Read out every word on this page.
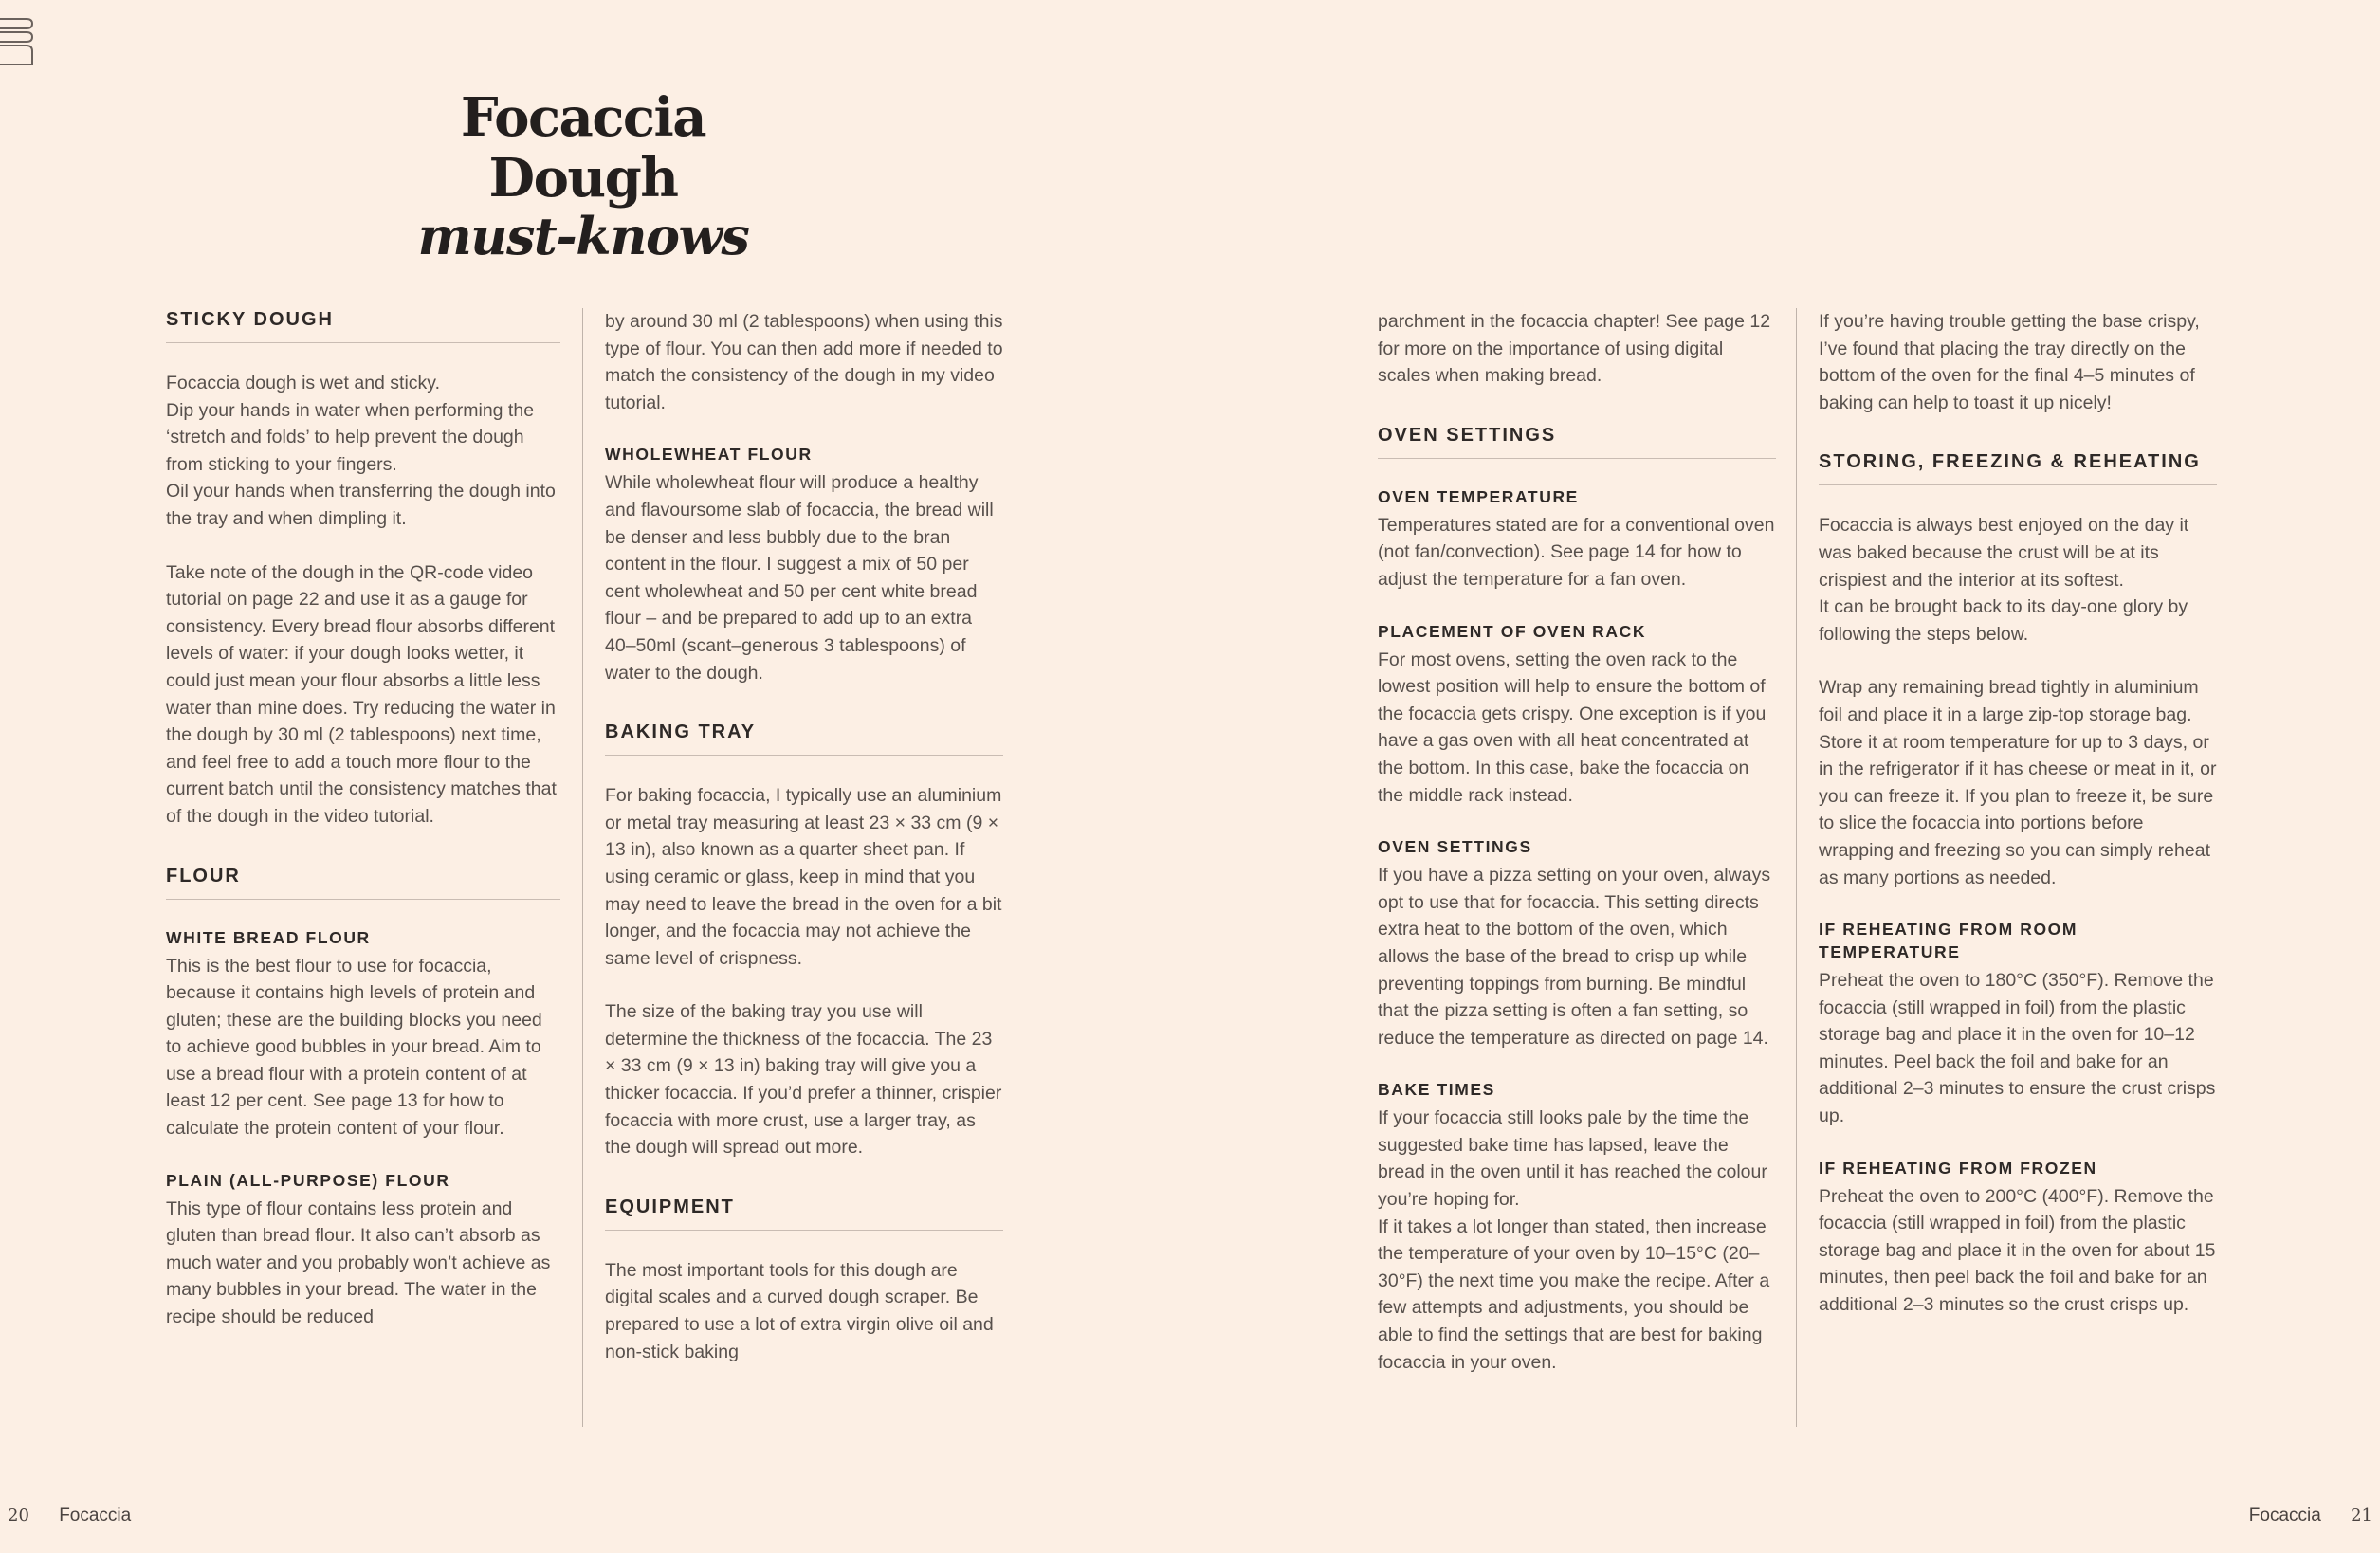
Focaccia Dough
must-knows
STICKY DOUGH

Focaccia dough is wet and sticky.

Dip your hands in water when performing the ‘stretch and folds’ to help prevent the dough from sticking to your fingers.

Oil your hands when transferring the dough into the tray and when dimpling it.

Take note of the dough in the QR-code video tutorial on page 22 and use it as a gauge for consistency. Every bread flour absorbs different levels of water: if your dough looks wetter, it could just mean your flour absorbs a little less water than mine does. Try reducing the water in the dough by 30 ml (2 tablespoons) next time, and feel free to add a touch more flour to the current batch until the consistency matches that of the dough in the video tutorial.

FLOUR
WHITE BREAD FLOUR

This is the best flour to use for focaccia, because it contains high levels of protein and gluten; these are the building blocks you need to achieve good bubbles in your bread. Aim to use a bread flour with a protein content of at least 12 per cent. See page 13 for how to calculate the protein content of your flour.

PLAIN (ALL-PURPOSE) FLOUR

This type of flour contains less protein and gluten than bread flour. It also can’t absorb as much water and you probably won’t achieve as many bubbles in your bread. The water in the recipe should be reduced

by around 30 ml (2 tablespoons) when using this type of flour. You can then add more if needed to match the consistency of the dough in my video tutorial.

WHOLEWHEAT FLOUR

While wholewheat flour will produce a healthy and flavoursome slab of focaccia, the bread will be denser and less bubbly due to the bran content in the flour. I suggest a mix of 50 per cent wholewheat and 50 per cent white bread flour – and be prepared to add up to an extra 40–50ml (scant–generous 3 tablespoons) of water to the dough.

BAKING TRAY

For baking focaccia, I typically use an aluminium or metal tray measuring at least 23 × 33 cm (9 × 13 in), also known as a quarter sheet pan. If using ceramic or glass, keep in mind that you may need to leave the bread in the oven for a bit longer, and the focaccia may not achieve the same level of crispness.

The size of the baking tray you use will determine the thickness of the focaccia. The 23 × 33 cm (9 × 13 in) baking tray will give you a thicker focaccia. If you’d prefer a thinner, crispier focaccia with more crust, use a larger tray, as the dough will spread out more.

EQUIPMENT

The most important tools for this dough are digital scales and a curved dough scraper. Be prepared to use a lot of extra virgin olive oil and non-stick baking

parchment in the focaccia chapter! See page 12 for more on the importance of using digital scales when making bread.

OVEN SETTINGS
OVEN TEMPERATURE

Temperatures stated are for a conventional oven (not fan/convection). See page 14 for how to adjust the temperature for a fan oven.

PLACEMENT OF OVEN RACK

For most ovens, setting the oven rack to the lowest position will help to ensure the bottom of the focaccia gets crispy. One exception is if you have a gas oven with all heat concentrated at the bottom. In this case, bake the focaccia on the middle rack instead.

OVEN SETTINGS

If you have a pizza setting on your oven, always opt to use that for focaccia. This setting directs extra heat to the bottom of the oven, which allows the base of the bread to crisp up while preventing toppings from burning. Be mindful that the pizza setting is often a fan setting, so reduce the temperature as directed on page 14.

BAKE TIMES

If your focaccia still looks pale by the time the suggested bake time has lapsed, leave the bread in the oven until it has reached the colour you’re hoping for.

If it takes a lot longer than stated, then increase the temperature of your oven by 10–15°C (20–30°F) the next time you make the recipe. After a few attempts and adjustments, you should be able to find the settings that are best for baking focaccia in your oven.

If you’re having trouble getting the base crispy, I’ve found that placing the tray directly on the bottom of the oven for the final 4–5 minutes of baking can help to toast it up nicely!

STORING, FREEZING & REHEATING

Focaccia is always best enjoyed on the day it was baked because the crust will be at its crispiest and the interior at its softest.

It can be brought back to its day-one glory by following the steps below.

Wrap any remaining bread tightly in aluminium foil and place it in a large zip-top storage bag. Store it at room temperature for up to 3 days, or in the refrigerator if it has cheese or meat in it, or you can freeze it. If you plan to freeze it, be sure to slice the focaccia into portions before wrapping and freezing so you can simply reheat as many portions as needed.

IF REHEATING FROM ROOM TEMPERATURE

Preheat the oven to 180°C (350°F). Remove the focaccia (still wrapped in foil) from the plastic storage bag and place it in the oven for 10–12 minutes. Peel back the foil and bake for an additional 2–3 minutes to ensure the crust crisps up.

IF REHEATING FROM FROZEN

Preheat the oven to 200°C (400°F). Remove the focaccia (still wrapped in foil) from the plastic storage bag and place it in the oven for about 15 minutes, then peel back the foil and bake for an additional 2–3 minutes so the crust crisps up.

20 Focaccia	Focaccia 21
